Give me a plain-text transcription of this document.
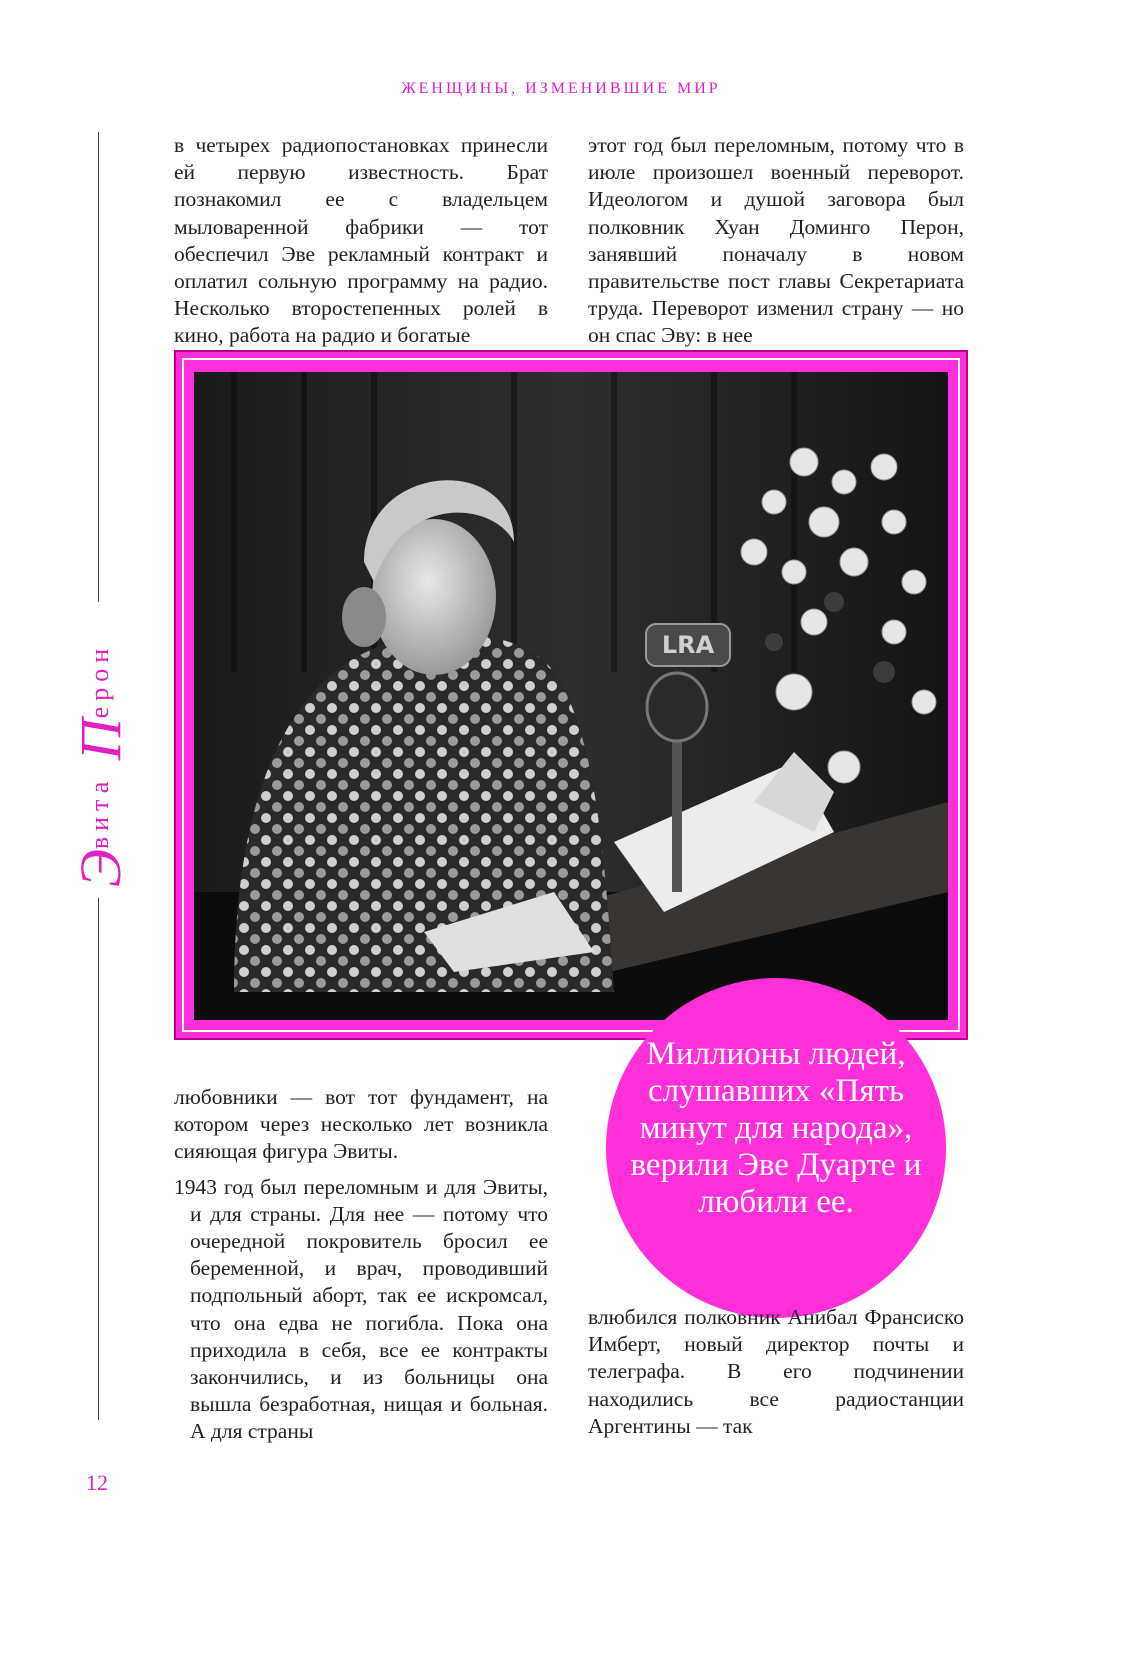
ЖЕНЩИНЫ, ИЗМЕНИВШИЕ МИР
Э
вита

П
ерон

в четырех радиопостановках принесли ей первую известность. Брат познакомил ее с владельцем мыловаренной фабрики — тот обеспечил Эве рекламный контракт и оплатил сольную программу на радио. Несколько второстепенных ролей в кино, работа на радио и богатые

этот год был переломным, потому что в июле произошел военный переворот. Идеологом и душой заговора был полковник Хуан Доминго Перон, занявший поначалу в новом правительстве пост главы Секретариата труда. Переворот изменил страну — но он спас Эву: в нее

LRA
Миллионы людей, слушавших «Пять минут для народа», верили Эве Дуарте и любили ее.

любовники — вот тот фундамент, на котором через несколько лет возникла сияющая фигура Эвиты.

1943 год был переломным и для Эвиты, и для страны. Для нее — потому что очередной покровитель бросил ее беременной, и врач, проводивший подпольный аборт, так ее искромсал, что она едва не погибла. Пока она приходила в себя, все ее контракты закончились, и из больницы она вышла безработная, нищая и больная. А для страны

влюбился полковник Анибал Франсиско Имберт, новый директор почты и телеграфа. В его подчинении находились все радиостанции Аргентины — так

12
